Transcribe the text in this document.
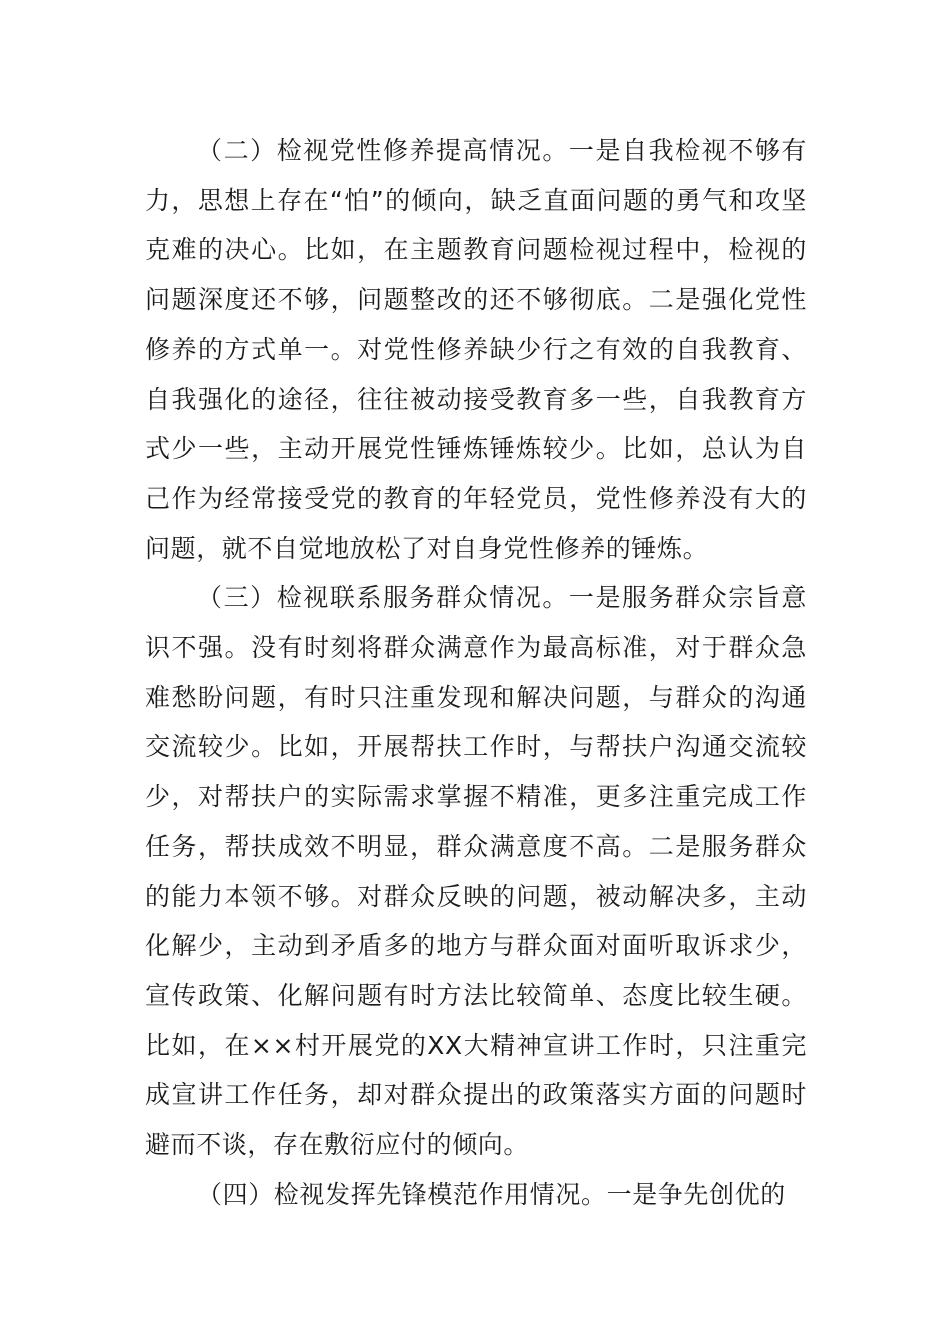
（二）检视党性修养提高情况。一是自我检视不够有力，思想上存在“怕”的倾向，缺乏直面问题的勇气和攻坚克难的决心。比如，在主题教育问题检视过程中，检视的问题深度还不够，问题整改的还不够彻底。二是强化党性修养的方式单一。对党性修养缺少行之有效的自我教育、自我强化的途径，往往被动接受教育多一些，自我教育方式少一些，主动开展党性锤炼锤炼较少。比如，总认为自己作为经常接受党的教育的年轻党员，党性修养没有大的问题，就不自觉地放松了对自身党性修养的锤炼。

（三）检视联系服务群众情况。一是服务群众宗旨意识不强。没有时刻将群众满意作为最高标准，对于群众急难愁盼问题，有时只注重发现和解决问题，与群众的沟通交流较少。比如，开展帮扶工作时，与帮扶户沟通交流较少，对帮扶户的实际需求掌握不精准，更多注重完成工作任务，帮扶成效不明显，群众满意度不高。二是服务群众的能力本领不够。对群众反映的问题，被动解决多，主动化解少，主动到矛盾多的地方与群众面对面听取诉求少，宣传政策、化解问题有时方法比较简单、态度比较生硬。比如，在××村开展党的XX大精神宣讲工作时，只注重完成宣讲工作任务，却对群众提出的政策落实方面的问题时避而不谈，存在敷衍应付的倾向。

（四）检视发挥先锋模范作用情况。一是争先创优的
